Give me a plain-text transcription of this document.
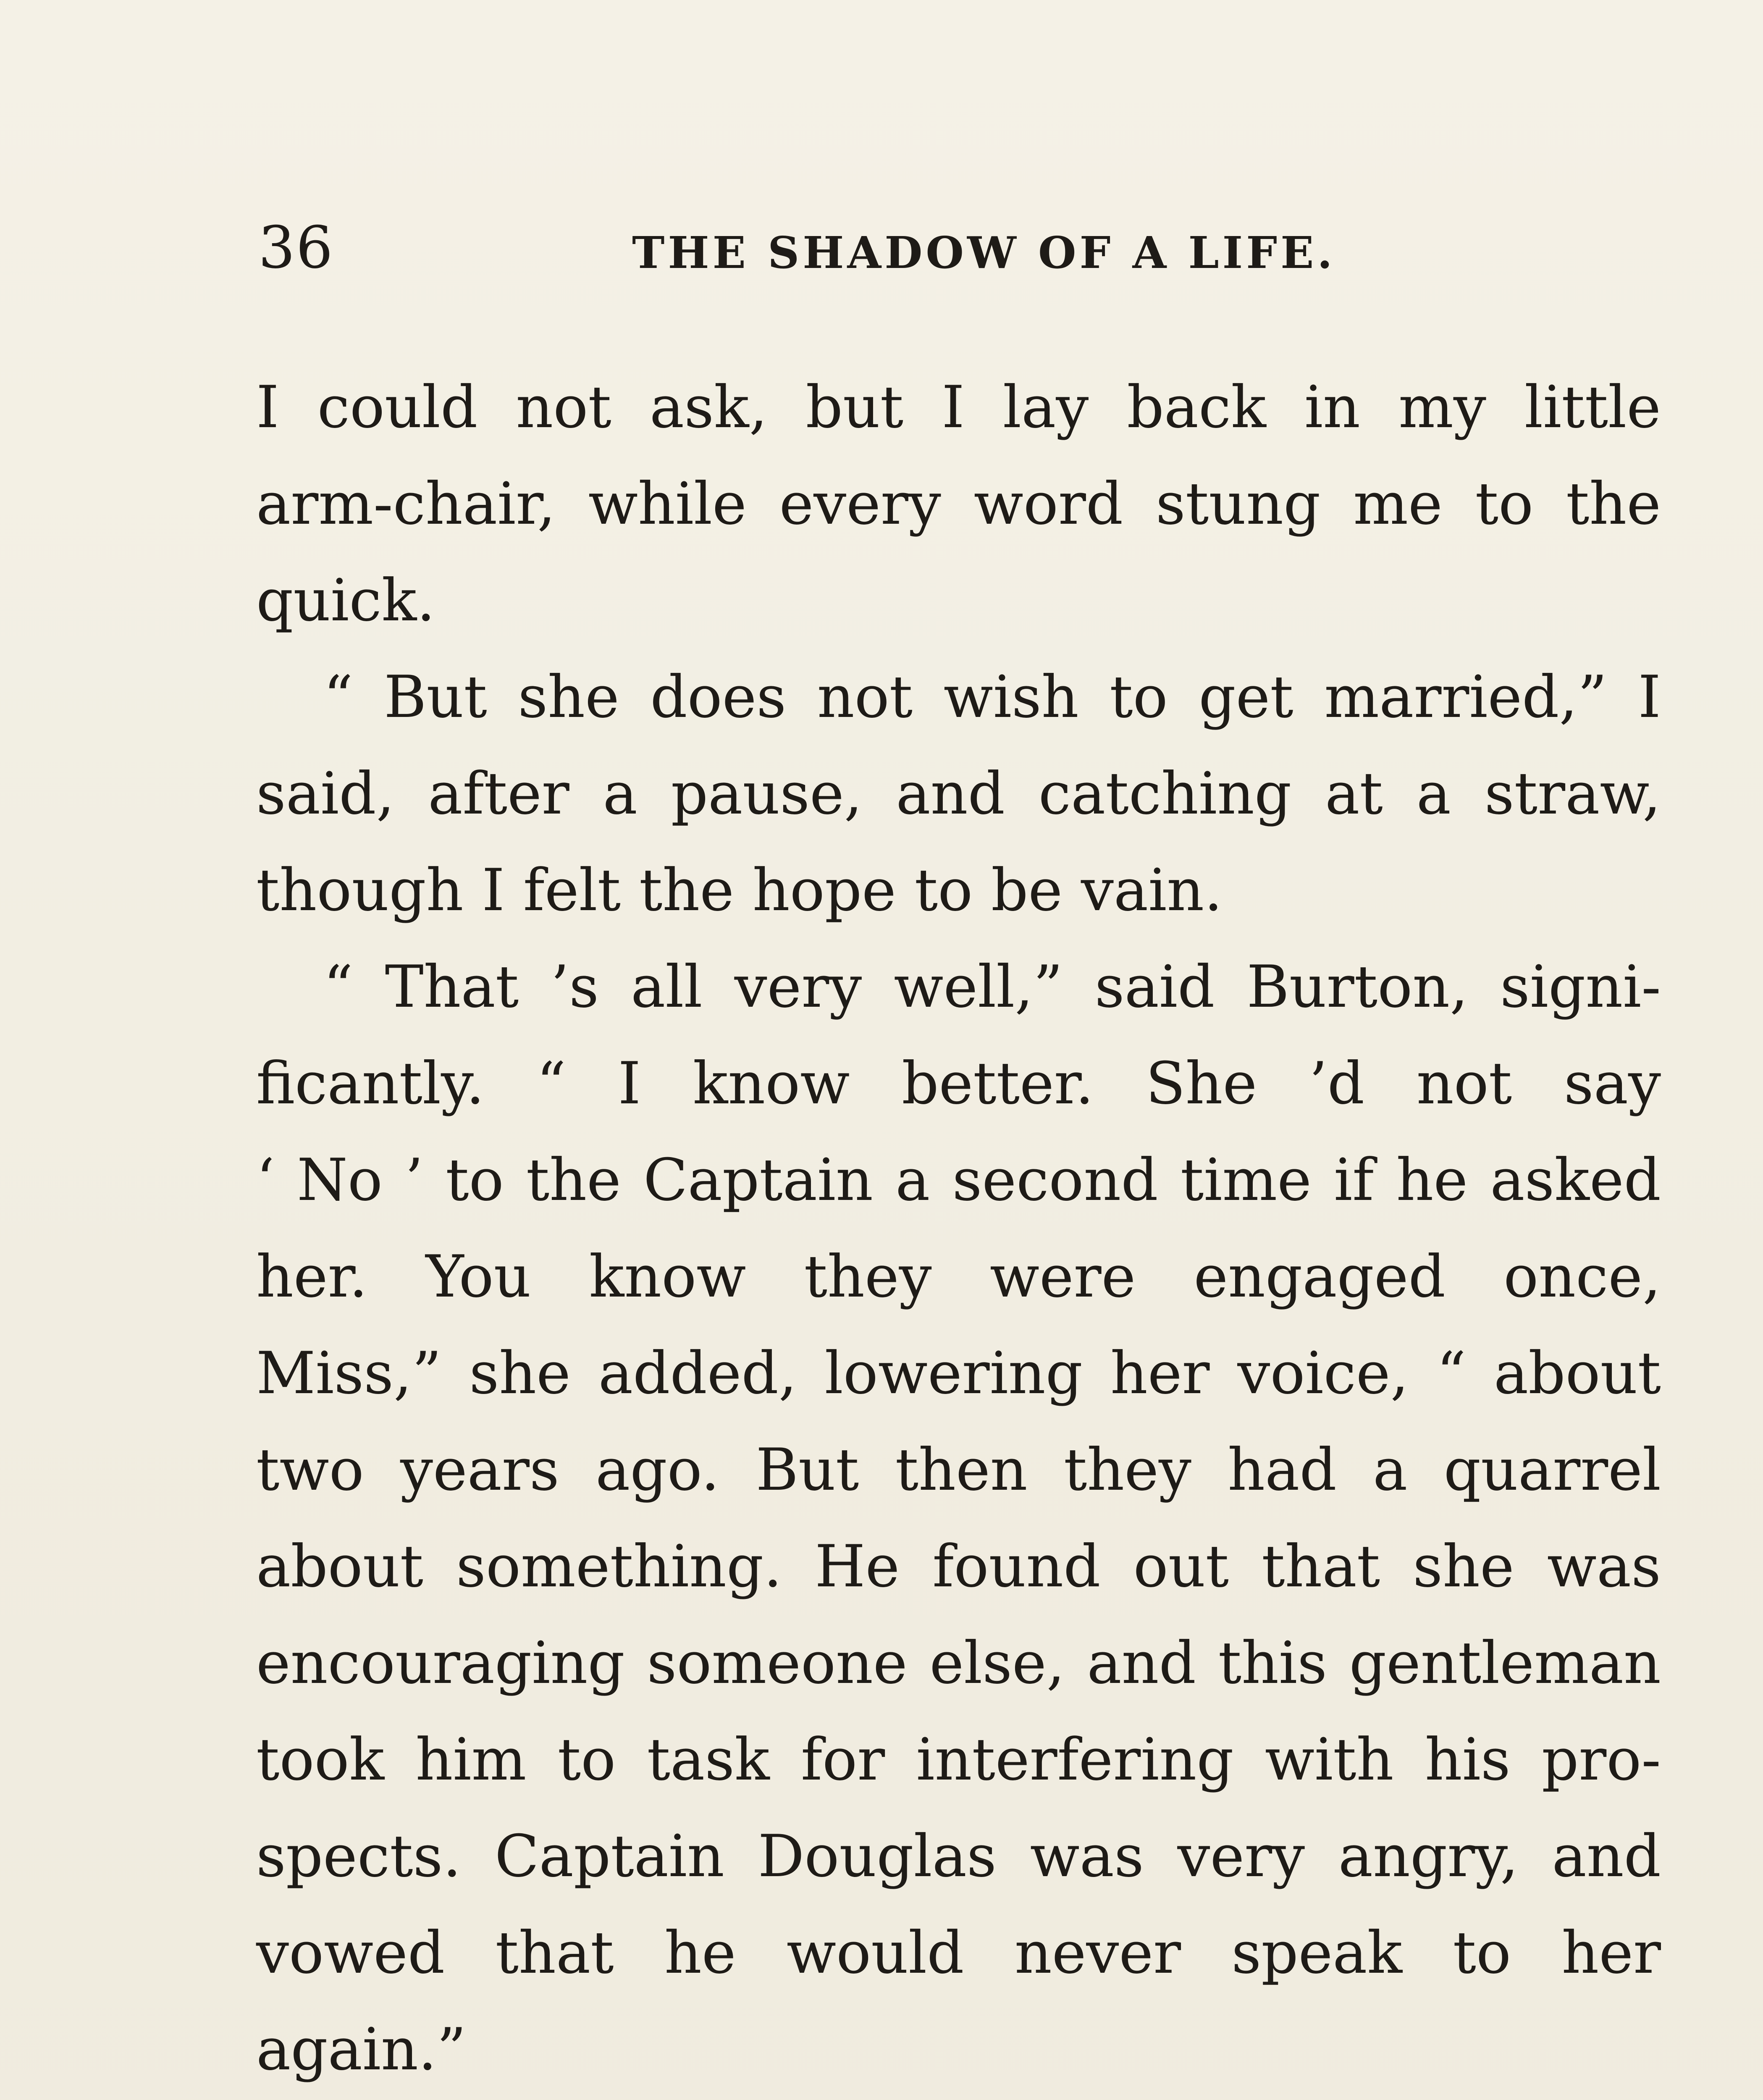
36	THE SHADOW OF A LIFE.
I could not ask, but I lay back in my little
arm-chair, while every word stung me to the
quick.
“ But she does not wish to get married,” I
said, after a pause, and catching at a straw,
though I felt the hope to be vain.
“ That ’s all very well,” said Burton, signi-
ficantly. “ I know better. She ’d not say
‘ No ’ to the Captain a second time if he asked
her. You know they were engaged once,
Miss,” she added, lowering her voice, “ about
two years ago. But then they had a quarrel
about something. He found out that she was
encouraging someone else, and this gentleman
took him to task for interfering with his pro-
spects. Captain Douglas was very angry, and
vowed that he would never speak to her
again.”
